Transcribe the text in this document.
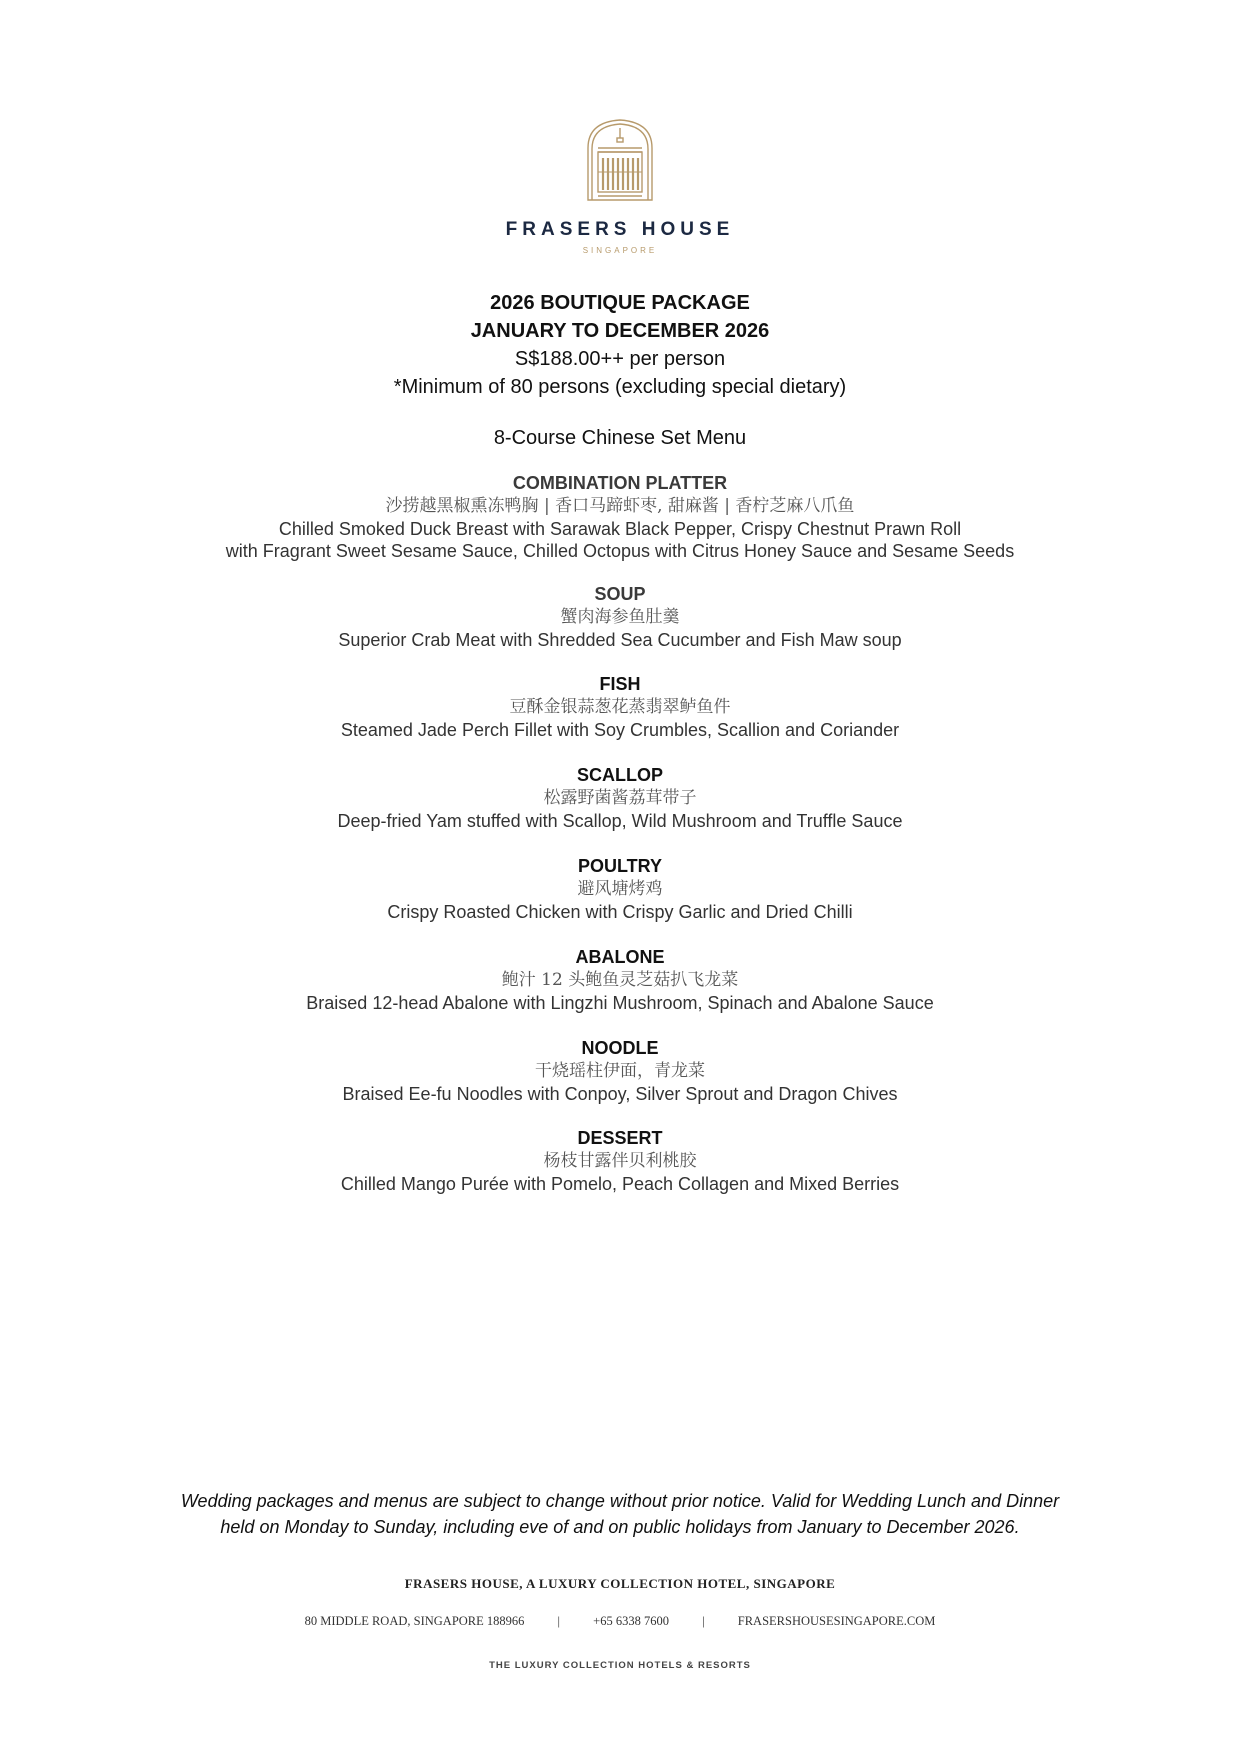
FRASERS HOUSE
SINGAPORE
2026 BOUTIQUE PACKAGE
JANUARY TO DECEMBER 2026
S$188.00++ per person
*Minimum of 80 persons (excluding special dietary)
8-Course Chinese Set Menu
COMBINATION PLATTER
沙捞越黑椒熏冻鸭胸 | 香口马蹄虾枣, 甜麻酱 | 香柠芝麻八爪鱼
Chilled Smoked Duck Breast with Sarawak Black Pepper, Crispy Chestnut Prawn Roll
with Fragrant Sweet Sesame Sauce, Chilled Octopus with Citrus Honey Sauce and Sesame Seeds
SOUP
蟹肉海参鱼肚羹
Superior Crab Meat with Shredded Sea Cucumber and Fish Maw soup
FISH
豆酥金银蒜葱花蒸翡翠鲈鱼件
Steamed Jade Perch Fillet with Soy Crumbles, Scallion and Coriander
SCALLOP
松露野菌酱荔茸带子
Deep-fried Yam stuffed with Scallop, Wild Mushroom and Truffle Sauce
POULTRY
避风塘烤鸡
Crispy Roasted Chicken with Crispy Garlic and Dried Chilli
ABALONE
鲍汁 12 头鲍鱼灵芝菇扒飞龙菜
Braised 12-head Abalone with Lingzhi Mushroom, Spinach and Abalone Sauce
NOODLE
干烧瑶柱伊面，青龙菜
Braised Ee-fu Noodles with Conpoy, Silver Sprout and Dragon Chives
DESSERT
杨枝甘露伴贝利桃胶
Chilled Mango Purée with Pomelo, Peach Collagen and Mixed Berries
Wedding packages and menus are subject to change without prior notice. Valid for Wedding Lunch and Dinner
held on Monday to Sunday, including eve of and on public holidays from January to December 2026.
FRASERS HOUSE, A LUXURY COLLECTION HOTEL, SINGAPORE
80 MIDDLE ROAD, SINGAPORE 188966	|	+65 6338 7600	|	FRASERSHOUSESINGAPORE.COM
THE LUXURY COLLECTION HOTELS & RESORTS
